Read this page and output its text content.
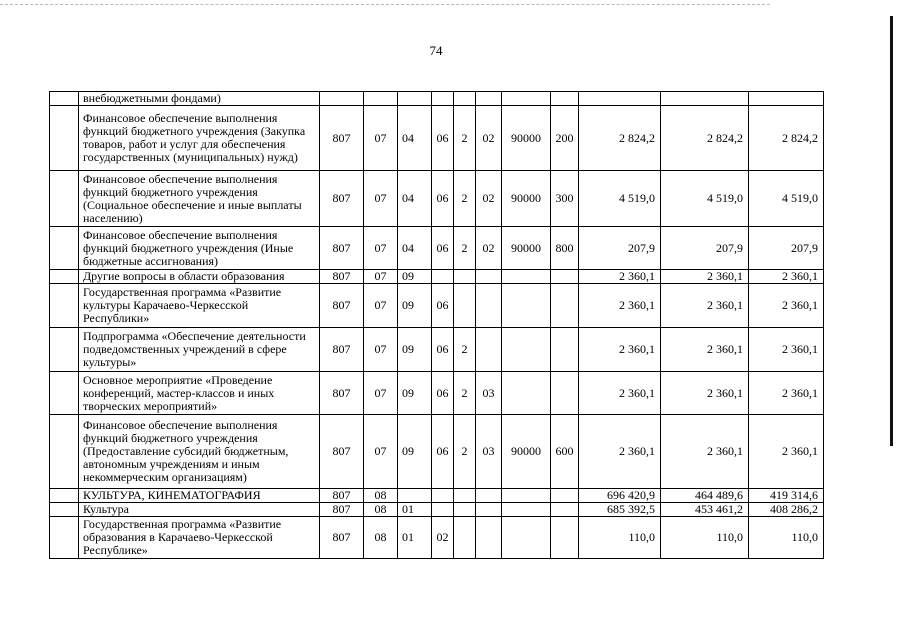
74
	внебюджетными фондами)											
	Финансовое обеспечение выполнения функций бюджетного учреждения (Закупка товаров, работ и услуг для обеспечения государственных (муниципальных) нужд)	807	07	04	06	2	02	90000	200	2 824,2	2 824,2	2 824,2
	Финансовое обеспечение выполнения функций бюджетного учреждения (Социальное обеспечение и иные выплаты населению)	807	07	04	06	2	02	90000	300	4 519,0	4 519,0	4 519,0
	Финансовое обеспечение выполнения функций бюджетного учреждения (Иные бюджетные ассигнования)	807	07	04	06	2	02	90000	800	207,9	207,9	207,9
	Другие вопросы в области образования	807	07	09						2 360,1	2 360,1	2 360,1
	Государственная программа «Развитие культуры Карачаево-Черкесской Республики»	807	07	09	06					2 360,1	2 360,1	2 360,1
	Подпрограмма «Обеспечение деятельности подведомственных учреждений в сфере культуры»	807	07	09	06	2				2 360,1	2 360,1	2 360,1
	Основное мероприятие «Проведение конференций, мастер-классов и иных творческих мероприятий»	807	07	09	06	2	03			2 360,1	2 360,1	2 360,1
	Финансовое обеспечение выполнения функций бюджетного учреждения (Предоставление субсидий бюджетным, автономным учреждениям и иным некоммерческим организациям)	807	07	09	06	2	03	90000	600	2 360,1	2 360,1	2 360,1
	КУЛЬТУРА, КИНЕМАТОГРАФИЯ	807	08							696 420,9	464 489,6	419 314,6
	Культура	807	08	01						685 392,5	453 461,2	408 286,2
	Государственная программа «Развитие образования в Карачаево-Черкесской Республике»	807	08	01	02					110,0	110,0	110,0
